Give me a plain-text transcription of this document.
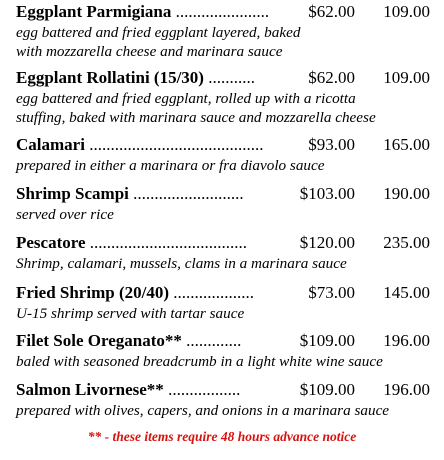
Eggplant Parmigiana ......................	$62.00	109.00
egg battered and fried eggplant layered, baked
with mozzarella cheese and marinara sauce
Eggplant Rollatini (15/30) ...........	$62.00	109.00
egg battered and fried eggplant, rolled up with a ricotta
stuffing, baked with marinara sauce and mozzarella cheese
Calamari .........................................	$93.00	165.00
prepared in either a marinara or fra diavolo sauce
Shrimp Scampi ..........................	$103.00	190.00
served over rice
Pescatore .....................................	$120.00	235.00
Shrimp, calamari, mussels, clams in a marinara sauce
Fried Shrimp (20/40) ...................	$73.00	145.00
U-15 shrimp served with tartar sauce
Filet Sole Oreganato** .............	$109.00	196.00
baled with seasoned breadcrumb in a light white wine sauce
Salmon Livornese** .................	$109.00	196.00
prepared with olives, capers, and onions in a marinara sauce
** - these items require 48 hours advance notice
